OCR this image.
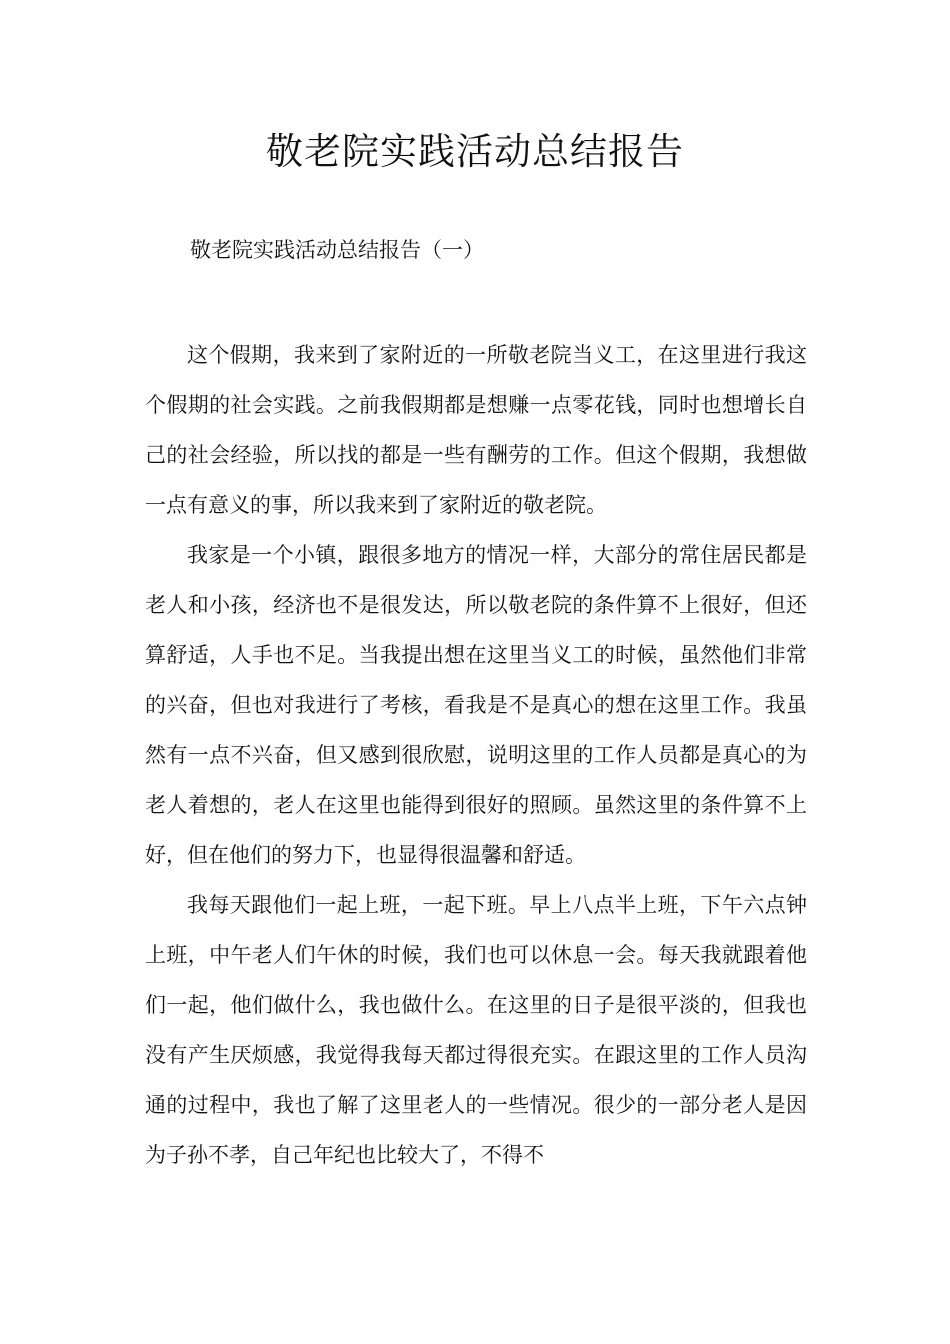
敬老院实践活动总结报告

敬老院实践活动总结报告（一）

这个假期，我来到了家附近的一所敬老院当义工，在这里进行我这个假期的社会实践。之前我假期都是想赚一点零花钱，同时也想增长自己的社会经验，所以找的都是一些有酬劳的工作。但这个假期，我想做一点有意义的事，所以我来到了家附近的敬老院。

我家是一个小镇，跟很多地方的情况一样，大部分的常住居民都是老人和小孩，经济也不是很发达，所以敬老院的条件算不上很好，但还算舒适，人手也不足。当我提出想在这里当义工的时候，虽然他们非常的兴奋，但也对我进行了考核，看我是不是真心的想在这里工作。我虽然有一点不兴奋，但又感到很欣慰，说明这里的工作人员都是真心的为老人着想的，老人在这里也能得到很好的照顾。虽然这里的条件算不上好，但在他们的努力下，也显得很温馨和舒适。

我每天跟他们一起上班，一起下班。早上八点半上班，下午六点钟上班，中午老人们午休的时候，我们也可以休息一会。每天我就跟着他们一起，他们做什么，我也做什么。在这里的日子是很平淡的，但我也没有产生厌烦感，我觉得我每天都过得很充实。在跟这里的工作人员沟通的过程中，我也了解了这里老人的一些情况。很少的一部分老人是因为子孙不孝，自己年纪也比较大了，不得不
